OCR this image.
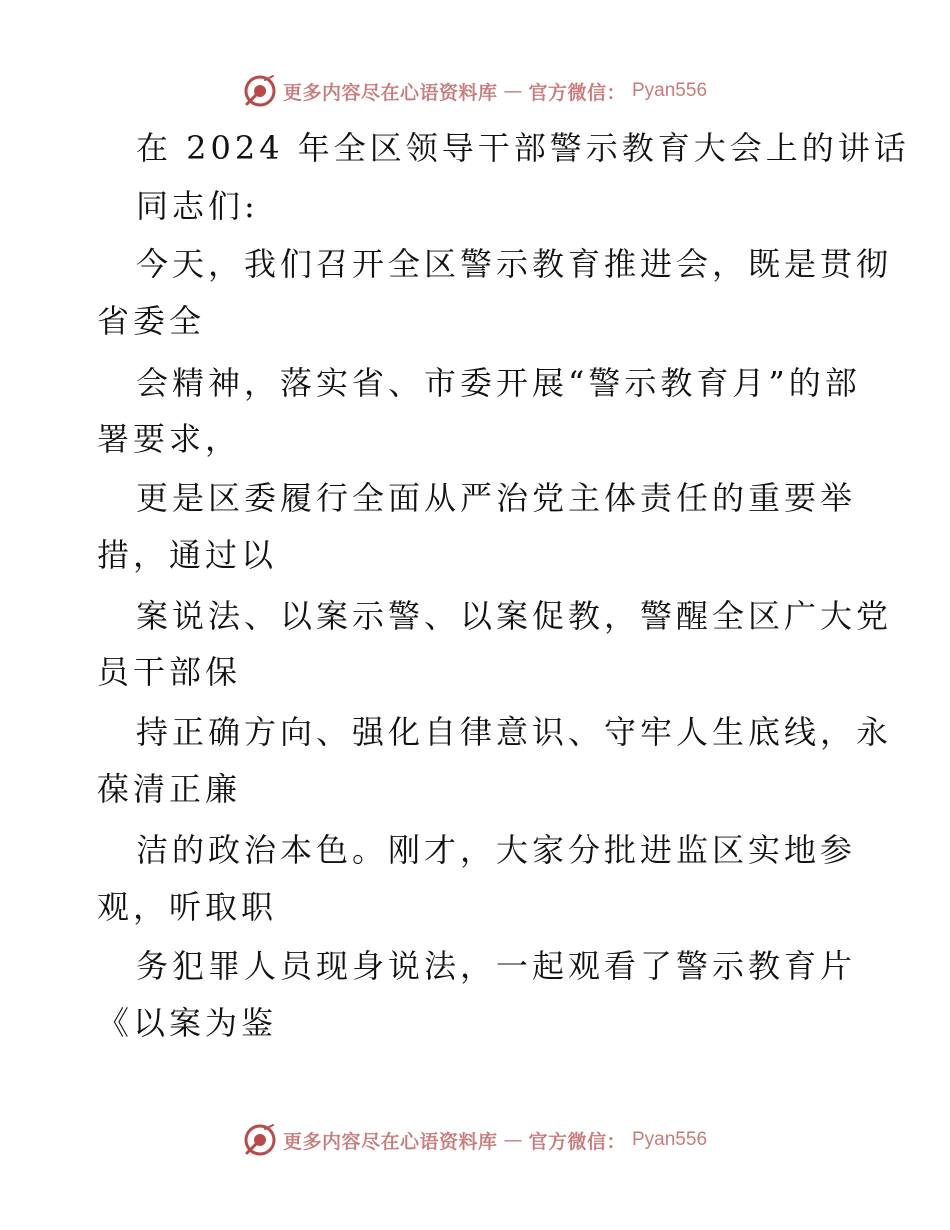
更多内容尽在心语资料库 — 官方微信： Pyan556
在 2024 年全区领导干部警示教育大会上的讲话
同志们:
今天，我们召开全区警示教育推进会，既是贯彻
省委全
会精神，落实省、市委开展“警示教育月”的部
署要求，
更是区委履行全面从严治党主体责任的重要举
措，通过以
案说法、以案示警、以案促教，警醒全区广大党
员干部保
持正确方向、强化自律意识、守牢人生底线，永
葆清正廉
洁的政治本色。刚才，大家分批进监区实地参
观，听取职
务犯罪人员现身说法，一起观看了警示教育片
《以案为鉴
更多内容尽在心语资料库 — 官方微信： Pyan556
